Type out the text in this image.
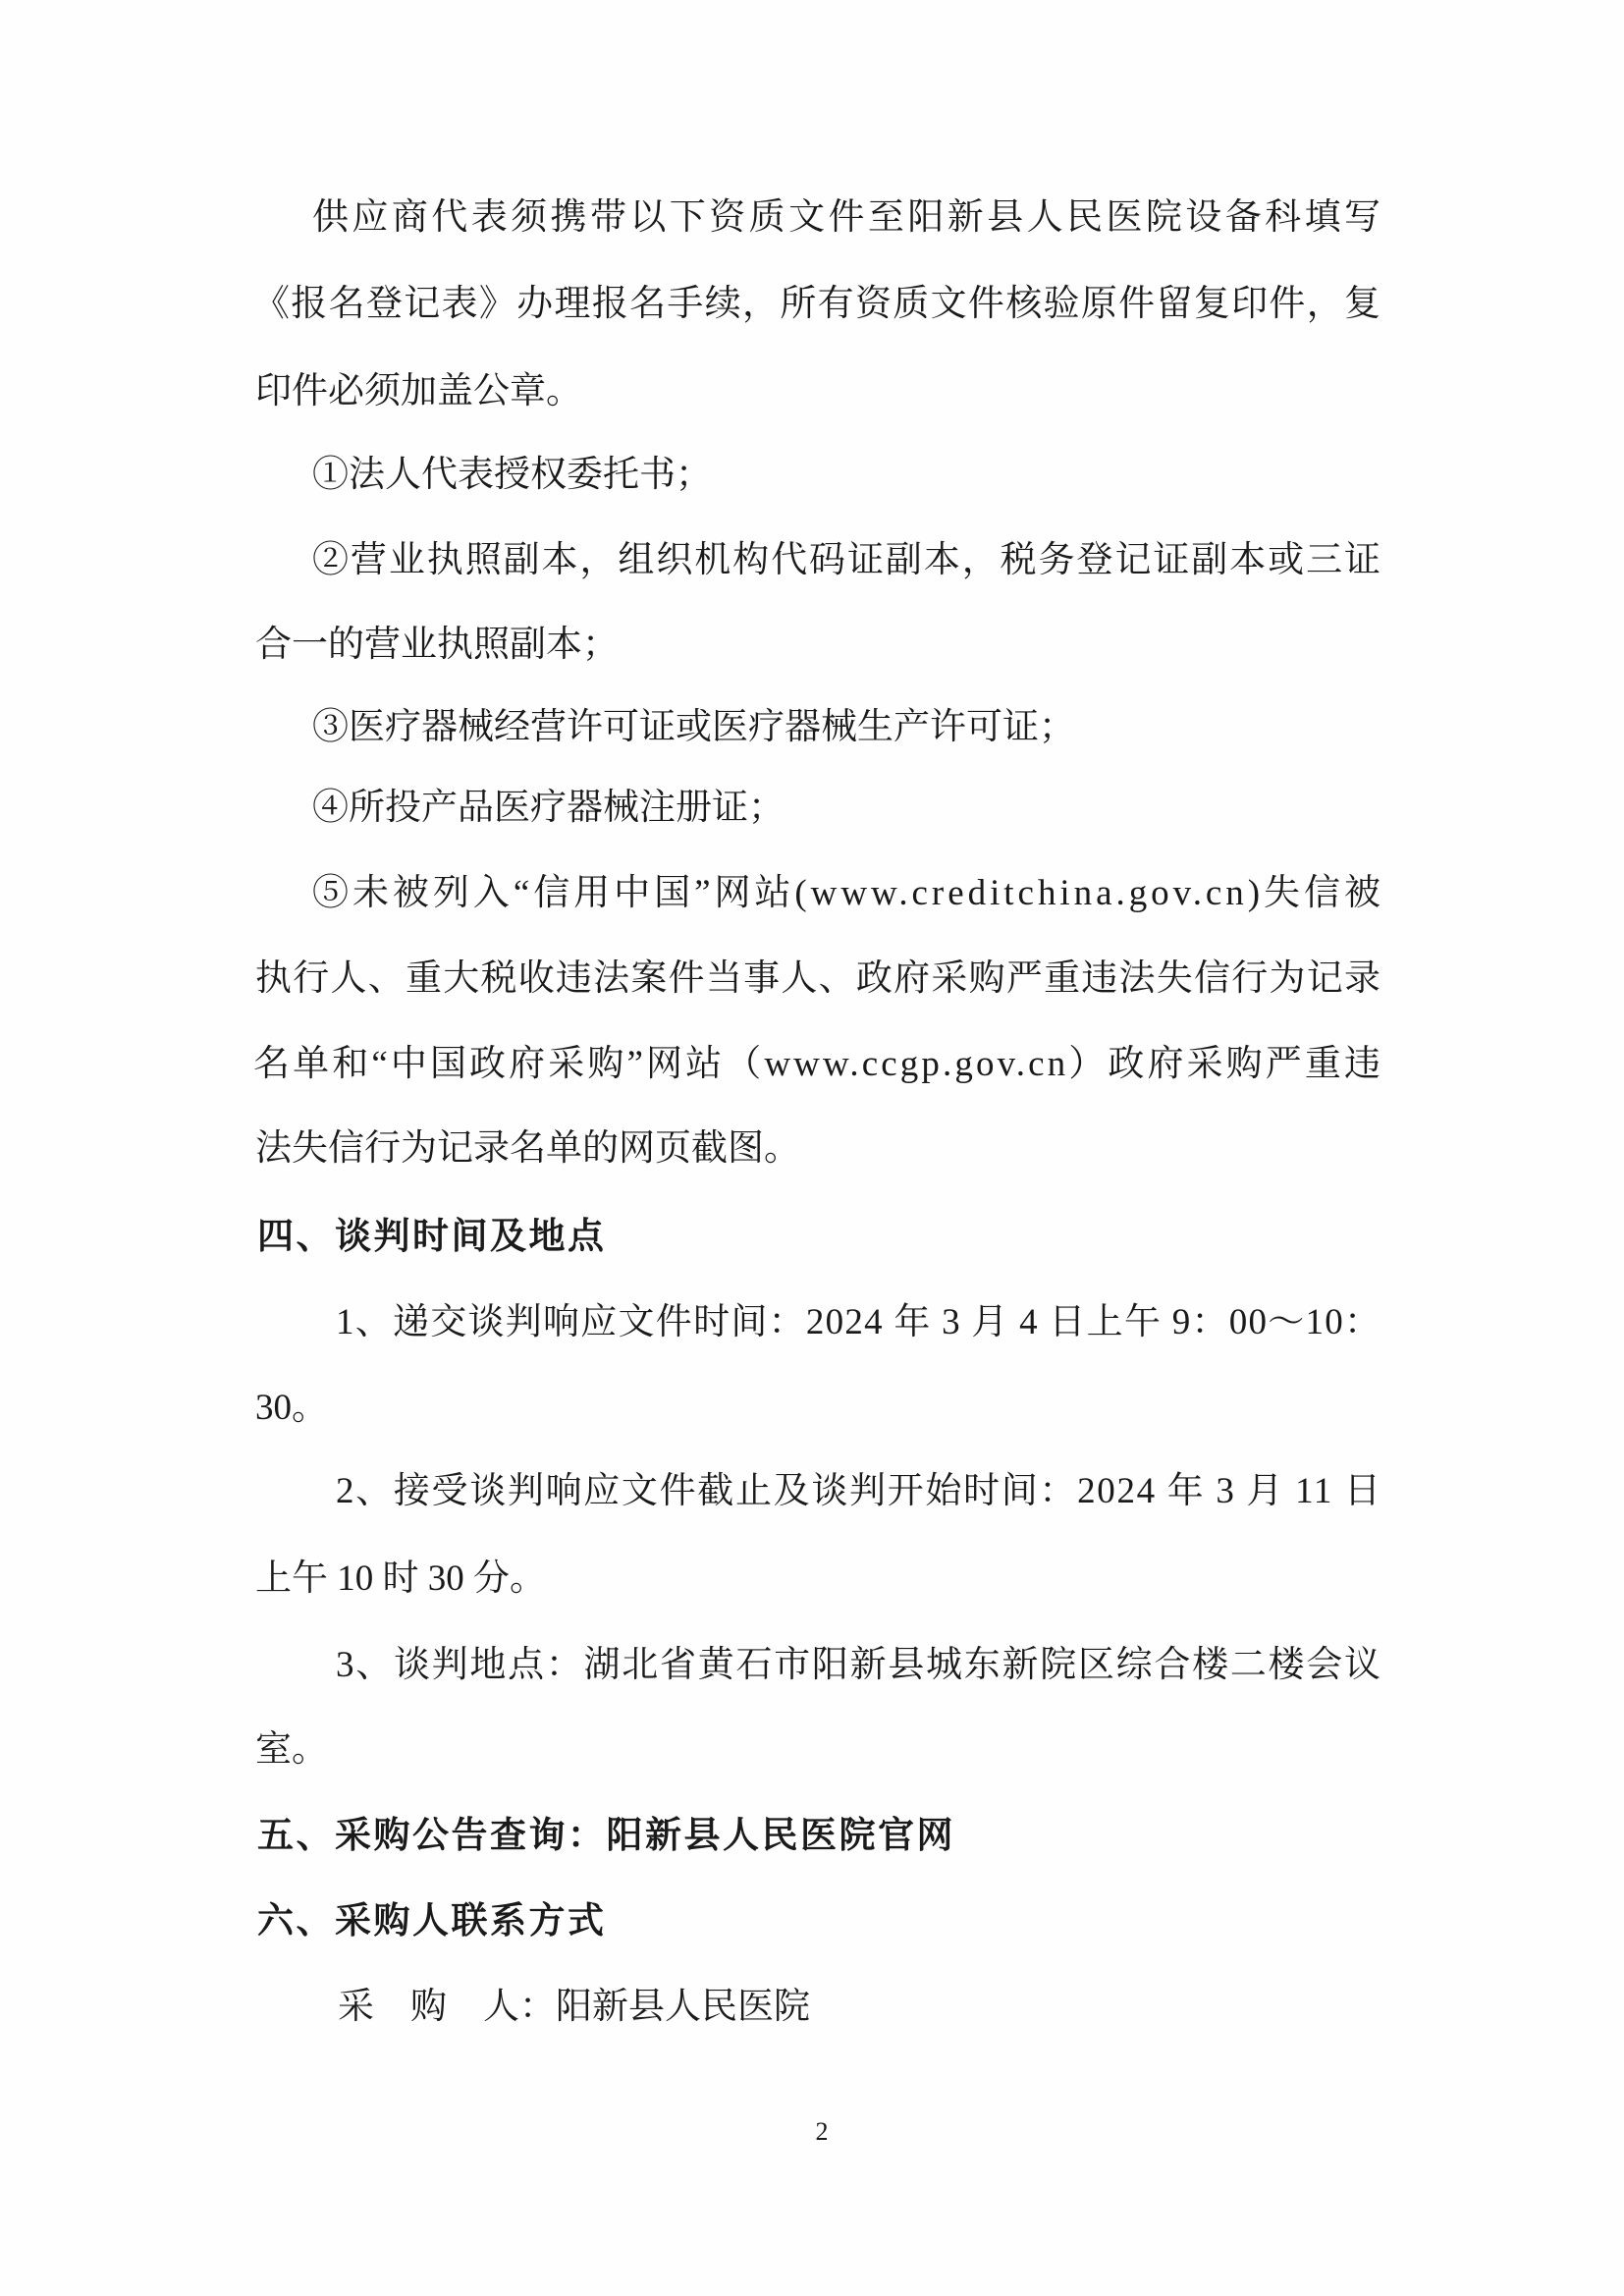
供应商代表须携带以下资质文件至阳新县人民医院设备科填写
《报名登记表》办理报名手续，所有资质文件核验原件留复印件，复
印件必须加盖公章。
①法人代表授权委托书；
②营业执照副本，组织机构代码证副本，税务登记证副本或三证
合一的营业执照副本；
③医疗器械经营许可证或医疗器械生产许可证；
④所投产品医疗器械注册证；
⑤未被列入“信用中国”网站(www.creditchina.gov.cn)失信被
执行人、重大税收违法案件当事人、政府采购严重违法失信行为记录
名单和“中国政府采购”网站（www.ccgp.gov.cn）政府采购严重违
法失信行为记录名单的网页截图。
四、谈判时间及地点
1、递交谈判响应文件时间：2024 年 3 月 4 日上午 9：00～10：
30。
2、接受谈判响应文件截止及谈判开始时间：2024 年 3 月 11 日
上午 10 时 30 分。
3、谈判地点：湖北省黄石市阳新县城东新院区综合楼二楼会议
室。
五、采购公告查询：阳新县人民医院官网
六、采购人联系方式
采　购　人：阳新县人民医院
2
